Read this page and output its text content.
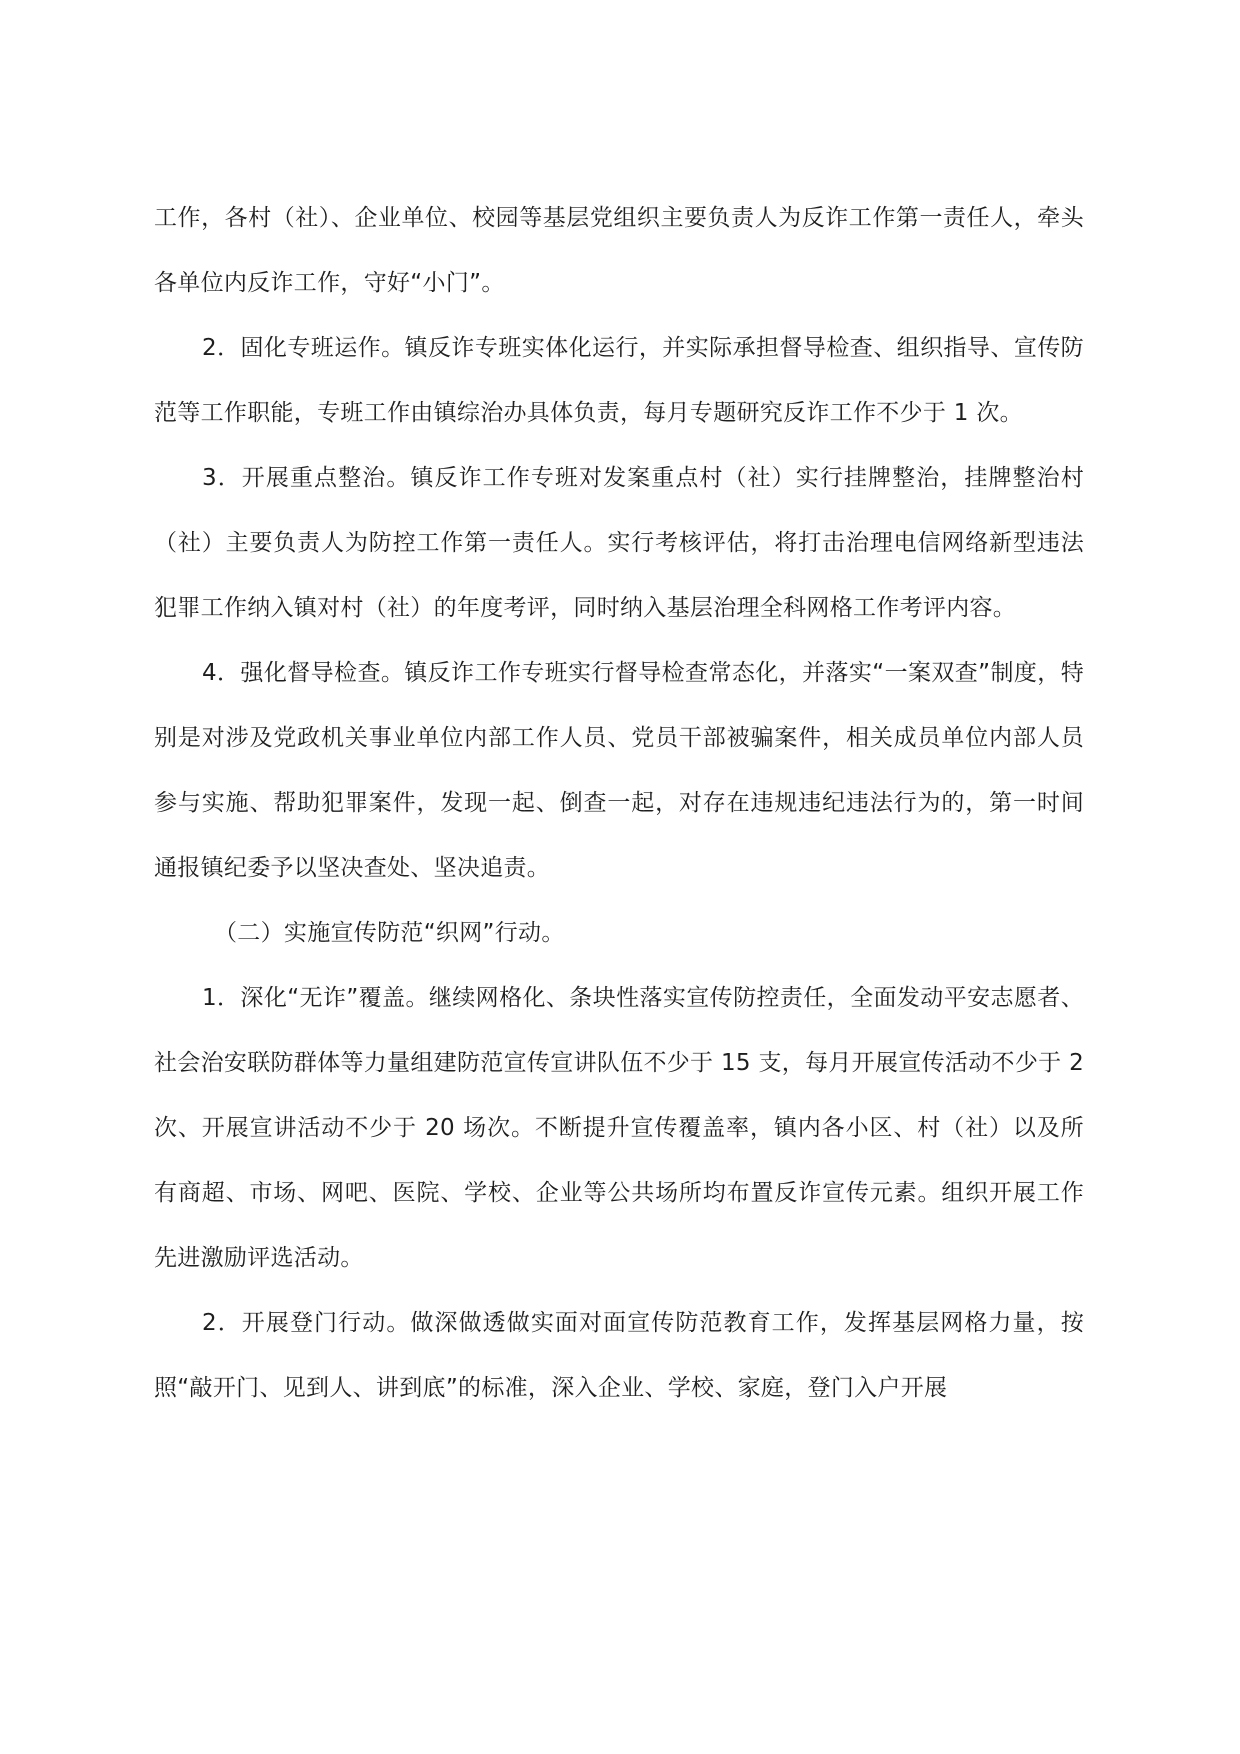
工作，各村（社）、企业单位、校园等基层党组织主要负责人为反诈工作第一责任人，牵头各单位内反诈工作，守好“小门”。

2．固化专班运作。镇反诈专班实体化运行，并实际承担督导检查、组织指导、宣传防范等工作职能，专班工作由镇综治办具体负责，每月专题研究反诈工作不少于 1 次。

3．开展重点整治。镇反诈工作专班对发案重点村（社）实行挂牌整治，挂牌整治村（社）主要负责人为防控工作第一责任人。实行考核评估，将打击治理电信网络新型违法犯罪工作纳入镇对村（社）的年度考评，同时纳入基层治理全科网格工作考评内容。

4．强化督导检查。镇反诈工作专班实行督导检查常态化，并落实“一案双查”制度，特别是对涉及党政机关事业单位内部工作人员、党员干部被骗案件，相关成员单位内部人员参与实施、帮助犯罪案件，发现一起、倒查一起，对存在违规违纪违法行为的，第一时间通报镇纪委予以坚决查处、坚决追责。

（二）实施宣传防范“织网”行动。

1．深化“无诈”覆盖。继续网格化、条块性落实宣传防控责任，全面发动平安志愿者、社会治安联防群体等力量组建防范宣传宣讲队伍不少于 15 支，每月开展宣传活动不少于 2 次、开展宣讲活动不少于 20 场次。不断提升宣传覆盖率，镇内各小区、村（社）以及所有商超、市场、网吧、医院、学校、企业等公共场所均布置反诈宣传元素。组织开展工作先进激励评选活动。

2．开展登门行动。做深做透做实面对面宣传防范教育工作，发挥基层网格力量，按照“敲开门、见到人、讲到底”的标准，深入企业、学校、家庭，登门入户开展
